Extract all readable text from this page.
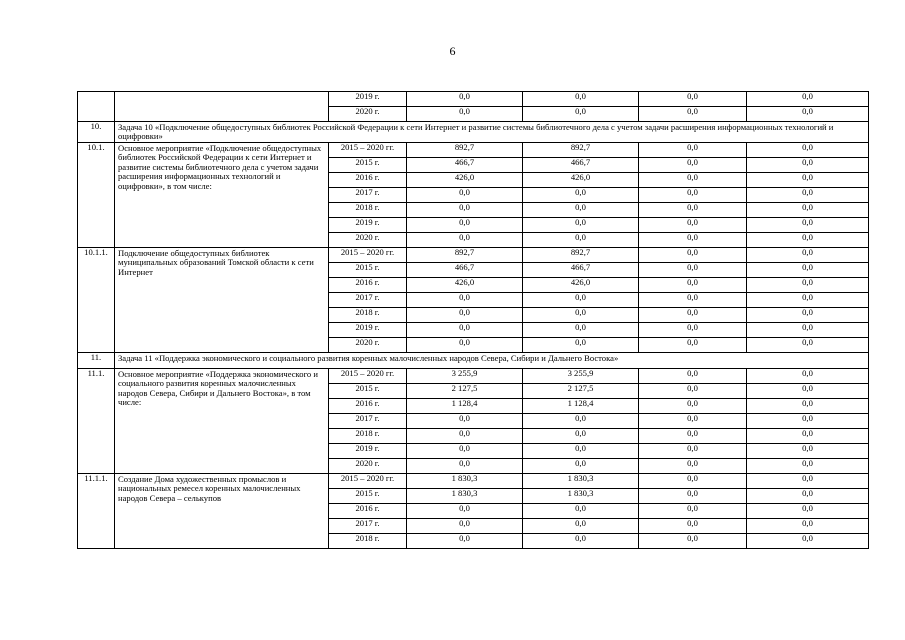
6
		2019 г.	0,0	0,0	0,0	0,0
		2020 г.	0,0	0,0	0,0	0,0
10.	Задача 10 «Подключение общедоступных библиотек Российской Федерации к сети Интернет и развитие системы библиотечного дела с учетом задачи расширения информационных технологий и оцифровки»					
10.1.	Основное мероприятие «Подключение общедоступных библиотек Российской Федерации к сети Интернет и развитие системы библиотечного дела с учетом задачи расширения информационных технологий и оцифровки», в том числе:	2015 – 2020 гг.	892,7	892,7	0,0	0,0
		2015 г.	466,7	466,7	0,0	0,0
		2016 г.	426,0	426,0	0,0	0,0
		2017 г.	0,0	0,0	0,0	0,0
		2018 г.	0,0	0,0	0,0	0,0
		2019 г.	0,0	0,0	0,0	0,0
		2020 г.	0,0	0,0	0,0	0,0
10.1.1.	Подключение общедоступных библиотек муниципальных образований Томской области к сети Интернет	2015 – 2020 гг.	892,7	892,7	0,0	0,0
		2015 г.	466,7	466,7	0,0	0,0
		2016 г.	426,0	426,0	0,0	0,0
		2017 г.	0,0	0,0	0,0	0,0
		2018 г.	0,0	0,0	0,0	0,0
		2019 г.	0,0	0,0	0,0	0,0
		2020 г.	0,0	0,0	0,0	0,0
11.	Задача 11 «Поддержка экономического и социального развития коренных малочисленных народов Севера, Сибири и Дальнего Востока»					
11.1.	Основное мероприятие «Поддержка экономического и социального развития коренных малочисленных народов Севера, Сибири и Дальнего Востока», в том числе:	2015 – 2020 гг.	3 255,9	3 255,9	0,0	0,0
		2015 г.	2 127,5	2 127,5	0,0	0,0
		2016 г.	1 128,4	1 128,4	0,0	0,0
		2017 г.	0,0	0,0	0,0	0,0
		2018 г.	0,0	0,0	0,0	0,0
		2019 г.	0,0	0,0	0,0	0,0
		2020 г.	0,0	0,0	0,0	0,0
11.1.1.	Создание Дома художественных промыслов и национальных ремесел коренных малочисленных народов Севера – селькупов	2015 – 2020 гг.	1 830,3	1 830,3	0,0	0,0
		2015 г.	1 830,3	1 830,3	0,0	0,0
		2016 г.	0,0	0,0	0,0	0,0
		2017 г.	0,0	0,0	0,0	0,0
		2018 г.	0,0	0,0	0,0	0,0
